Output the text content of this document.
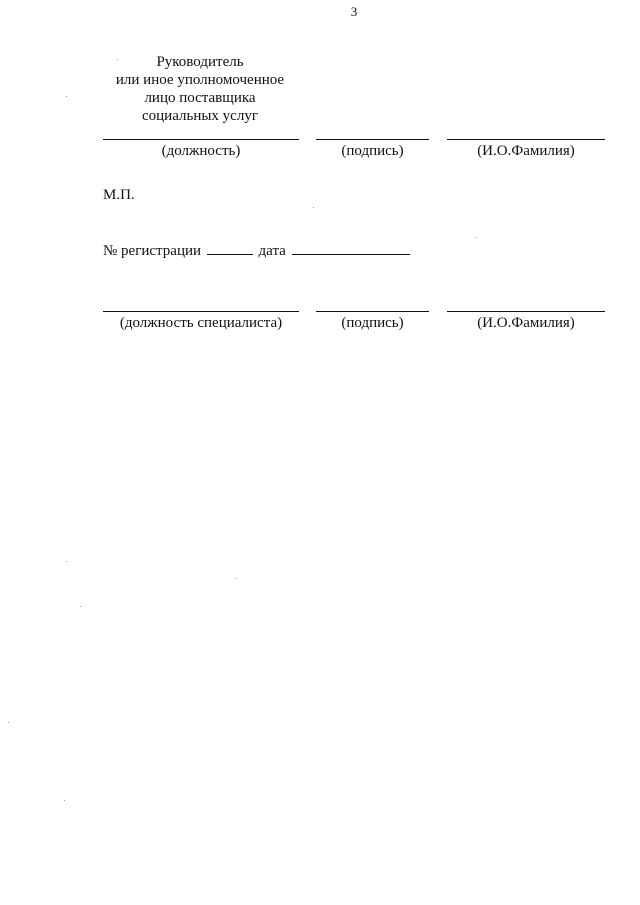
3
Руководитель
или иное уполномоченное
лицо поставщика
социальных услуг
(должность)	(подпись)	(И.О.Фамилия)
М.П.
№ регистрации	дата
(должность специалиста)	(подпись)	(И.О.Фамилия)
